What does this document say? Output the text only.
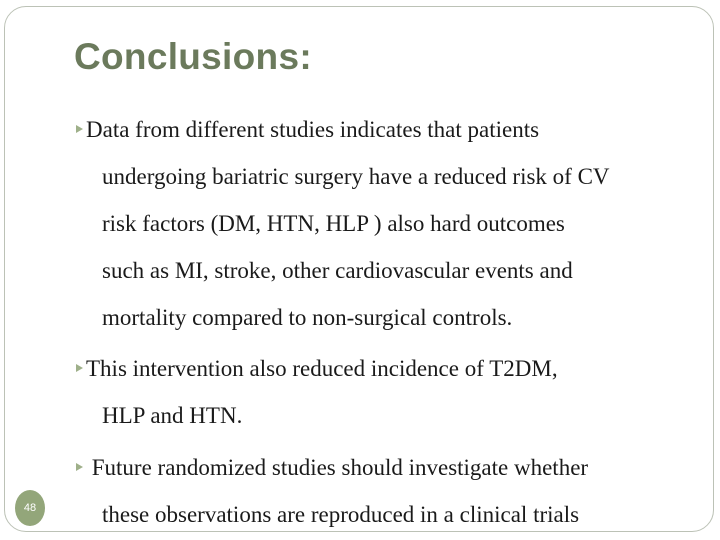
Conclusions:
Data from different studies indicates that patients
undergoing bariatric surgery have a reduced risk of CV
risk factors (DM, HTN, HLP ) also hard outcomes
such as MI, stroke, other cardiovascular events and
mortality compared to non-surgical controls.
This intervention also reduced incidence of T2DM,
HLP and HTN.
Future randomized studies should investigate whether
these observations are reproduced in a clinical trials
48
